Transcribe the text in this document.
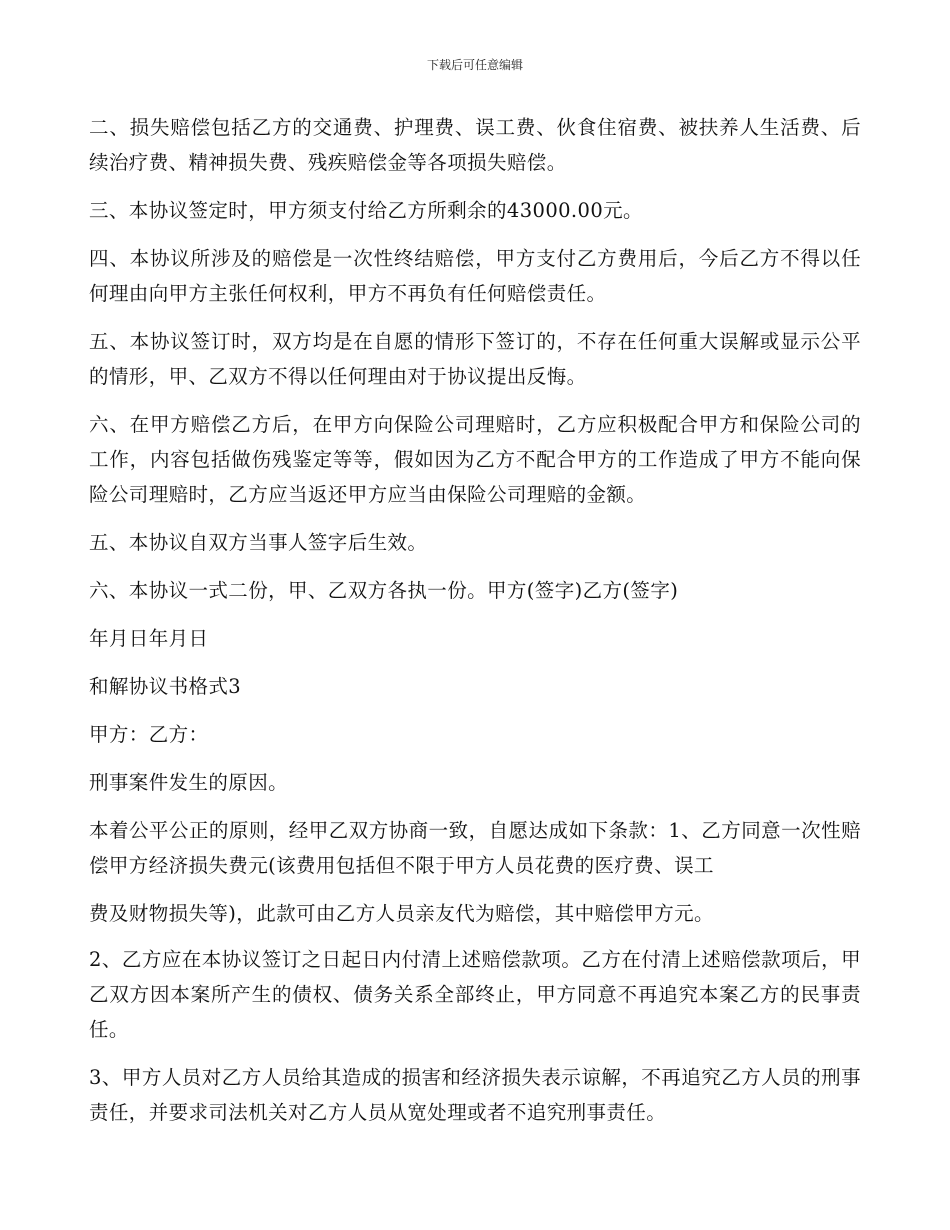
下载后可任意编辑

二、损失赔偿包括乙方的交通费、护理费、误工费、伙食住宿费、被扶养人生活费、后续治疗费、精神损失费、残疾赔偿金等各项损失赔偿。

三、本协议签定时，甲方须支付给乙方所剩余的43000.00元。

四、本协议所涉及的赔偿是一次性终结赔偿，甲方支付乙方费用后，今后乙方不得以任何理由向甲方主张任何权利，甲方不再负有任何赔偿责任。

五、本协议签订时，双方均是在自愿的情形下签订的，不存在任何重大误解或显示公平的情形，甲、乙双方不得以任何理由对于协议提出反悔。

六、在甲方赔偿乙方后，在甲方向保险公司理赔时，乙方应积极配合甲方和保险公司的工作，内容包括做伤残鉴定等等，假如因为乙方不配合甲方的工作造成了甲方不能向保险公司理赔时，乙方应当返还甲方应当由保险公司理赔的金额。

五、本协议自双方当事人签字后生效。

六、本协议一式二份，甲、乙双方各执一份。甲方(签字)乙方(签字)

年月日年月日

和解协议书格式3

甲方：乙方：

刑事案件发生的原因。

本着公平公正的原则，经甲乙双方协商一致，自愿达成如下条款：1、乙方同意一次性赔偿甲方经济损失费元(该费用包括但不限于甲方人员花费的医疗费、误工

费及财物损失等)，此款可由乙方人员亲友代为赔偿，其中赔偿甲方元。

2、乙方应在本协议签订之日起日内付清上述赔偿款项。乙方在付清上述赔偿款项后，甲乙双方因本案所产生的债权、债务关系全部终止，甲方同意不再追究本案乙方的民事责任。

3、甲方人员对乙方人员给其造成的损害和经济损失表示谅解，不再追究乙方人员的刑事责任，并要求司法机关对乙方人员从宽处理或者不追究刑事责任。
